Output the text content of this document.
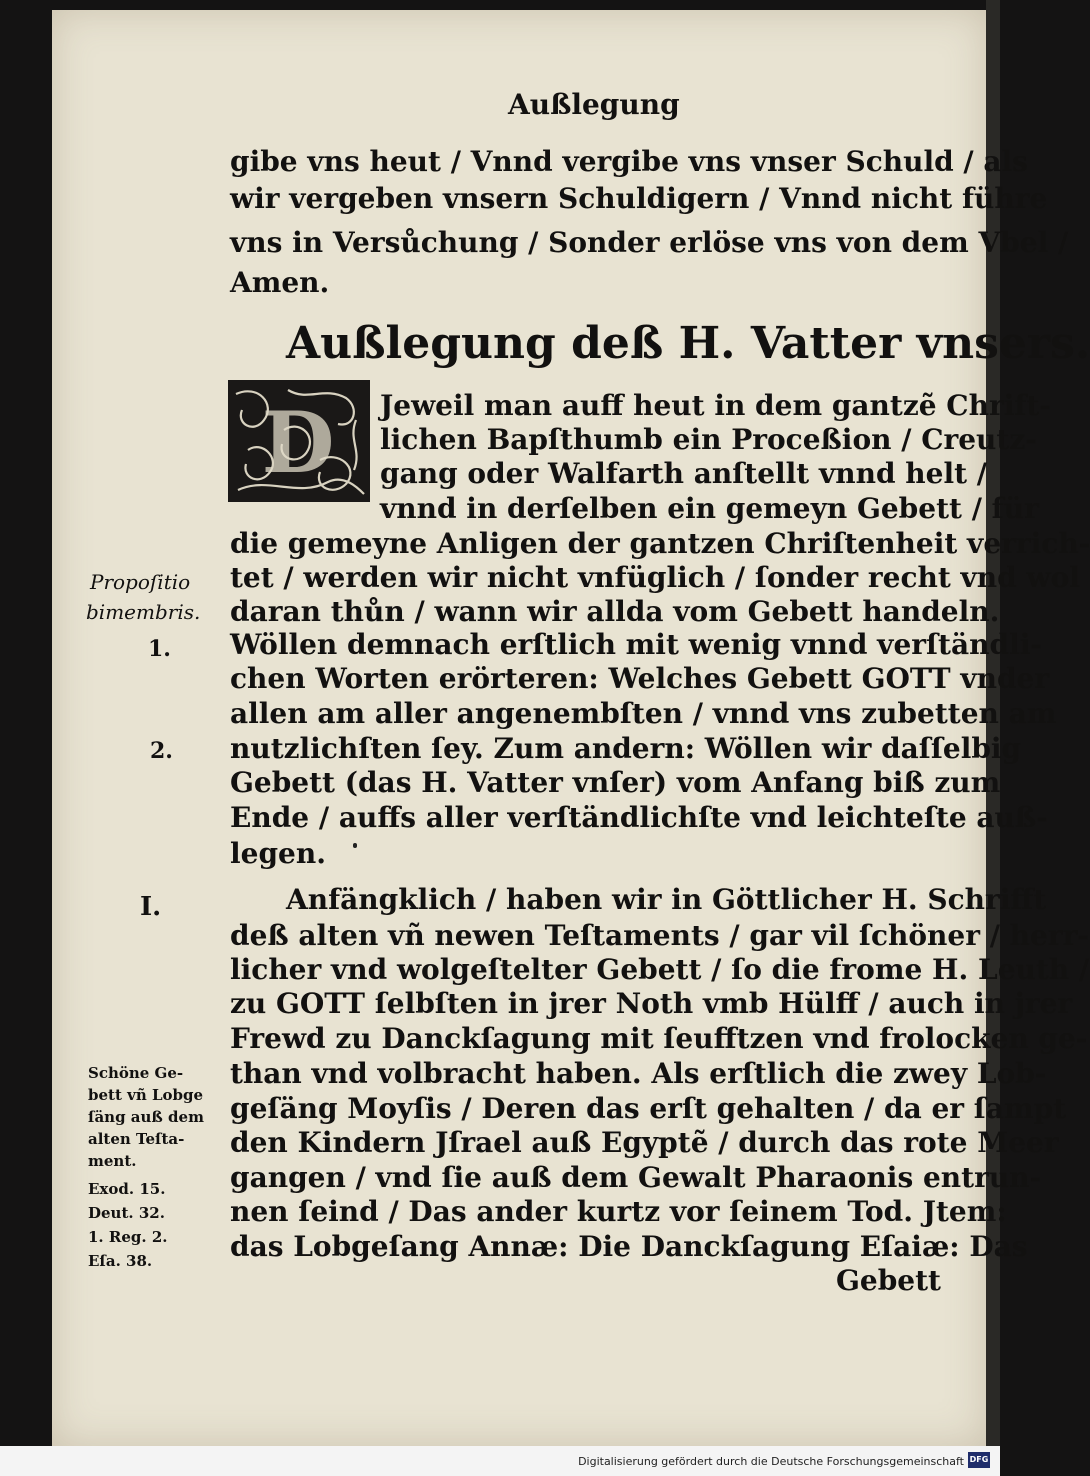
Außlegung
gibe vns heut / Vnnd vergibe vns vnser Schuld / als
wir vergeben vnsern Schuldigern / Vnnd nicht führe
vns in Versůchung / Sonder erlöse vns von dem Vbel /
Amen.
Außlegung deß H. Vatter vnsers.
D Jeweil man auff heut in dem gantzẽ Chrift-
lichen Bapſthumb ein Proceßion / Creutz-
gang oder Walfarth anſtellt vnnd helt /
vnnd in derſelben ein gemeyn Gebett / für
die gemeyne Anligen der gantzen Chriſtenheit verrich-
tet / werden wir nicht vnfüglich / ſonder recht vnd wol
daran thůn / wann wir allda vom Gebett handeln.
Wöllen demnach erſtlich mit wenig vnnd verſtändli-
chen Worten erörteren: Welches Gebett GOTT vnder
allen am aller angenembſten / vnnd vns zubetten am
nutzlichſten ſey. Zum andern: Wöllen wir daſſelbig
Gebett (das H. Vatter vnſer) vom Anfang biß zum
Ende / auffs aller verſtändlichſte vnd leichteſte auß-
legen.
Anfängklich / haben wir in Göttlicher H. Schrifft
deß alten vñ newen Teſtaments / gar vil ſchöner / herr-
licher vnd wolgeſtelter Gebett / ſo die frome H. Leuth /
zu GOTT ſelbſten in jrer Noth vmb Hülff / auch in jrer
Frewd zu Danckſagung mit ſeufftzen vnd frolocken ge-
than vnd volbracht haben. Als erſtlich die zwey Lob-
geſäng Moyſis / Deren das erſt gehalten / da er ſampt
den Kindern Jſrael auß Egyptẽ / durch das rote Meer
gangen / vnd ſie auß dem Gewalt Pharaonis entrun-
nen ſeind / Das ander kurtz vor ſeinem Tod. Jtem:
das Lobgeſang Annæ: Die Danckſagung Eſaiæ: Das
Gebett
Propoſitio
bimembris.
1.
2.
I.
Schöne Ge-
bett vñ Lobge
ſäng auß dem
alten Teſta-
ment.
Exod. 15.
Deut. 32.
1. Reg. 2.
Eſa. 38.
Digitalisierung gefördert durch die Deutsche Forschungsgemeinschaft DFG
